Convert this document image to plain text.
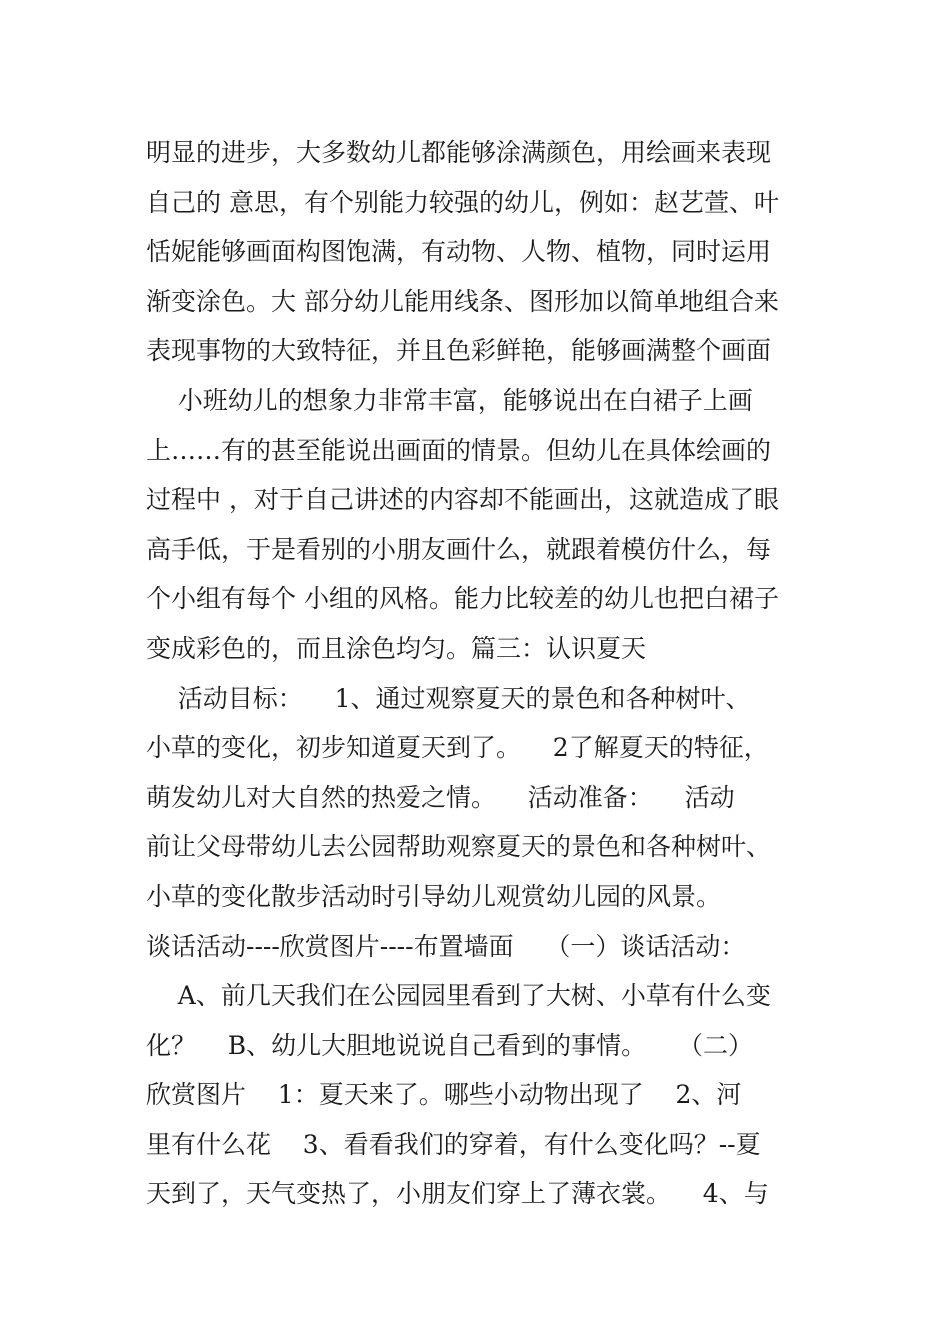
明显的进步，大多数幼儿都能够涂满颜色，用绘画来表现
自己的 意思，有个别能力较强的幼儿，例如：赵艺萱、叶
恬妮能够画面构图饱满，有动物、人物、植物，同时运用
渐变涂色。大 部分幼儿能用线条、图形加以简单地组合来
表现事物的大致特征，并且色彩鲜艳，能够画满整个画面
小班幼儿的想象力非常丰富，能够说出在白裙子上画
上……有的甚至能说出画面的情景。但幼儿在具体绘画的
过程中 ，对于自己讲述的内容却不能画出，这就造成了眼
高手低，于是看别的小朋友画什么，就跟着模仿什么，每
个小组有每个 小组的风格。能力比较差的幼儿也把白裙子
变成彩色的，而且涂色均匀。篇三：认识夏天
活动目标：    1、通过观察夏天的景色和各种树叶、
小草的变化，初步知道夏天到了。    2了解夏天的特征，
萌发幼儿对大自然的热爱之情。    活动准备：    活动
前让父母带幼儿去公园帮助观察夏天的景色和各种树叶、
小草的变化散步活动时引导幼儿观赏幼儿园的风景。
谈话活动----欣赏图片----布置墙面    （一）谈话活动：
A、前几天我们在公园园里看到了大树、小草有什么变
化？    B、幼儿大胆地说说自己看到的事情。    （二）
欣赏图片    1：夏天来了。哪些小动物出现了    2、河
里有什么花    3、看看我们的穿着，有什么变化吗？--夏
天到了，天气变热了，小朋友们穿上了薄衣裳。    4、与
